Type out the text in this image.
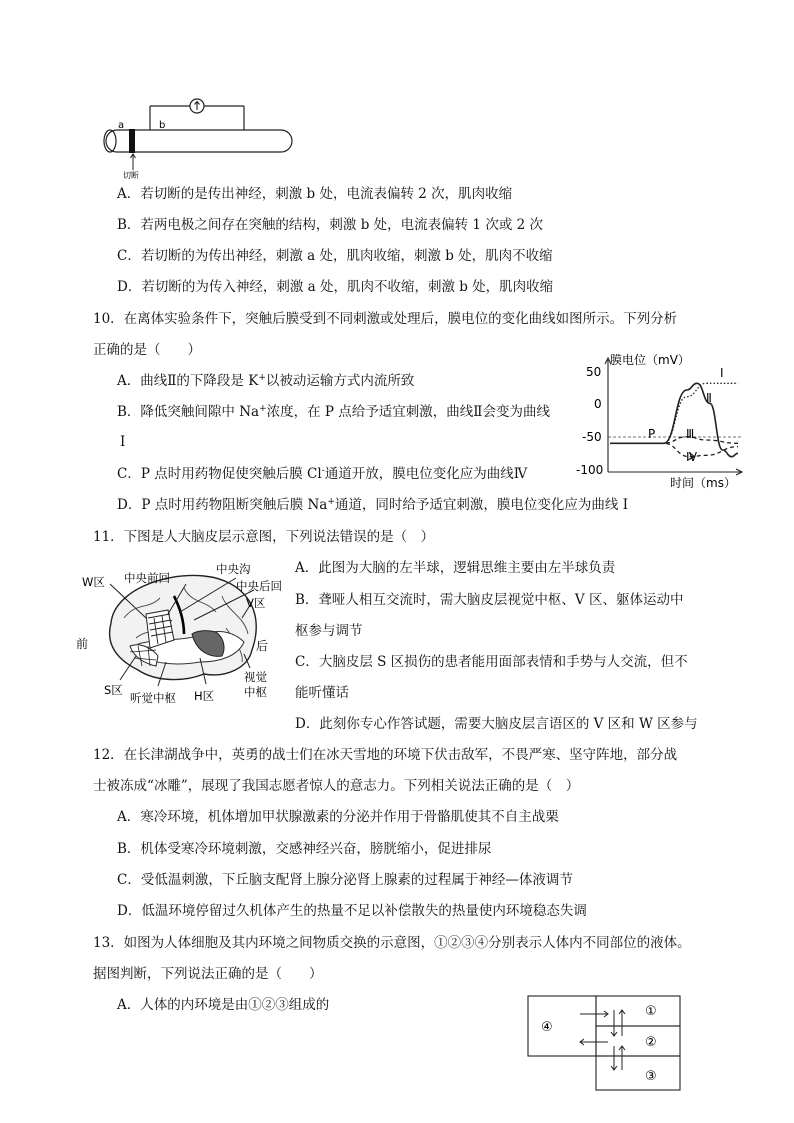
a	b
切断
A．若切断的是传出神经，刺激 b 处，电流表偏转 2 次，肌肉收缩
B．若两电极之间存在突触的结构，刺激 b 处，电流表偏转 1 次或 2 次
C．若切断的为传出神经，刺激 a 处，肌肉收缩，刺激 b 处，肌肉不收缩
D．若切断的为传入神经，刺激 a 处，肌肉不收缩，刺激 b 处，肌肉收缩
10．在离体实验条件下，突触后膜受到不同刺激或处理后，膜电位的变化曲线如图所示。下列分析
正确的是（　　）
A．曲线Ⅱ的下降段是 K+以被动运输方式内流所致
B．降低突触间隙中 Na+浓度，在 P 点给予适宜刺激，曲线Ⅱ会变为曲线
Ⅰ
C．P 点时用药物促使突触后膜 Cl-通道开放，膜电位变化应为曲线Ⅳ
D．P 点时用药物阻断突触后膜 Na+通道，同时给予适宜刺激，膜电位变化应为曲线 Ⅰ
膜电位（mV）
时间（ms）
50
0
-50
-100
P
Ⅰ
Ⅱ
Ⅲ
Ⅳ
11．下图是人大脑皮层示意图，下列说法错误的是（　）
W区 中央前回
中央沟
中央后回
V区
前	后
S区
听觉中枢 H区
视觉
中枢
A．此图为大脑的左半球，逻辑思维主要由左半球负责
B．聋哑人相互交流时，需大脑皮层视觉中枢、V 区、躯体运动中
枢参与调节
C．大脑皮层 S 区损伤的患者能用面部表情和手势与人交流，但不
能听懂话
D．此刻你专心作答试题，需要大脑皮层言语区的 V 区和 W 区参与
12．在长津湖战争中，英勇的战士们在冰天雪地的环境下伏击敌军，不畏严寒、坚守阵地，部分战
士被冻成“冰雕”，展现了我国志愿者惊人的意志力。下列相关说法正确的是（　）
A．寒冷环境，机体增加甲状腺激素的分泌并作用于骨骼肌使其不自主战栗
B．机体受寒冷环境刺激，交感神经兴奋，膀胱缩小，促进排尿
C．受低温刺激，下丘脑支配肾上腺分泌肾上腺素的过程属于神经—体液调节
D．低温环境停留过久机体产生的热量不足以补偿散失的热量使内环境稳态失调
13．如图为人体细胞及其内环境之间物质交换的示意图，①②③④分别表示人体内不同部位的液体。
据图判断，下列说法正确的是（　　）
A．人体的内环境是由①②③组成的
④
①
②
③
